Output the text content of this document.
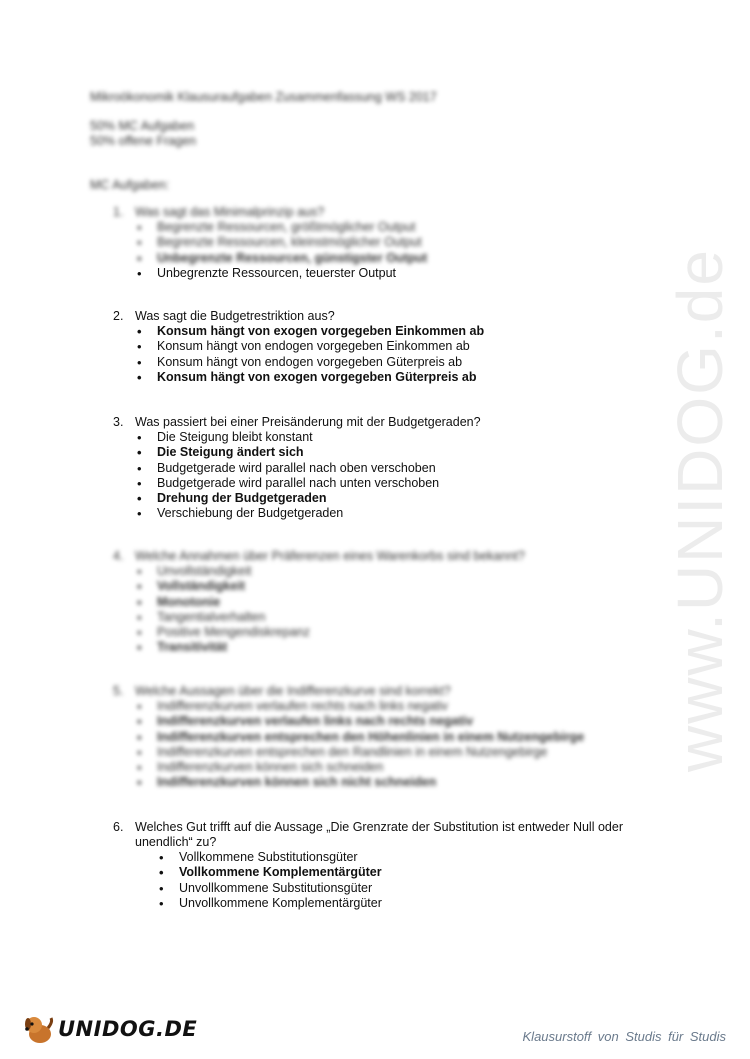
www.UNIDOG.de
Mikroökonomik Klausuraufgaben Zusammenfassung WS 2017
50% MC Aufgaben
50% offene Fragen
MC Aufgaben:
1. Was sagt das Minimalprinzip aus?
• Begrenzte Ressourcen, größtmöglicher Output
• Begrenzte Ressourcen, kleinstmöglicher Output
• Unbegrenzte Ressourcen, günstigster Output
• Unbegrenzte Ressourcen, teuerster Output
2. Was sagt die Budgetrestriktion aus?
• Konsum hängt von exogen vorgegeben Einkommen ab
• Konsum hängt von endogen vorgegeben Einkommen ab
• Konsum hängt von endogen vorgegeben Güterpreis ab
• Konsum hängt von exogen vorgegeben Güterpreis ab
3. Was passiert bei einer Preisänderung mit der Budgetgeraden?
• Die Steigung bleibt konstant
• Die Steigung ändert sich
• Budgetgerade wird parallel nach oben verschoben
• Budgetgerade wird parallel nach unten verschoben
• Drehung der Budgetgeraden
• Verschiebung der Budgetgeraden
4. Welche Annahmen über Präferenzen eines Warenkorbs sind bekannt?
• Unvollständigkeit
• Vollständigkeit
• Monotonie
• Tangentialverhalten
• Positive Mengendiskrepanz
• Transitivität
5. Welche Aussagen über die Indifferenzkurve sind korrekt?
• Indifferenzkurven verlaufen rechts nach links negativ
• Indifferenzkurven verlaufen links nach rechts negativ
• Indifferenzkurven entsprechen den Höhenlinien in einem Nutzengebirge
• Indifferenzkurven entsprechen den Randlinien in einem Nutzengebirge
• Indifferenzkurven können sich schneiden
• Indifferenzkurven können sich nicht schneiden
6. Welches Gut trifft auf die Aussage „Die Grenzrate der Substitution ist entweder Null oder unendlich“ zu?
• Vollkommene Substitutionsgüter
• Vollkommene Komplementärgüter
• Unvollkommene Substitutionsgüter
• Unvollkommene Komplementärgüter
UNIDOG.DE	Klausurstoff von Studis für Studis
